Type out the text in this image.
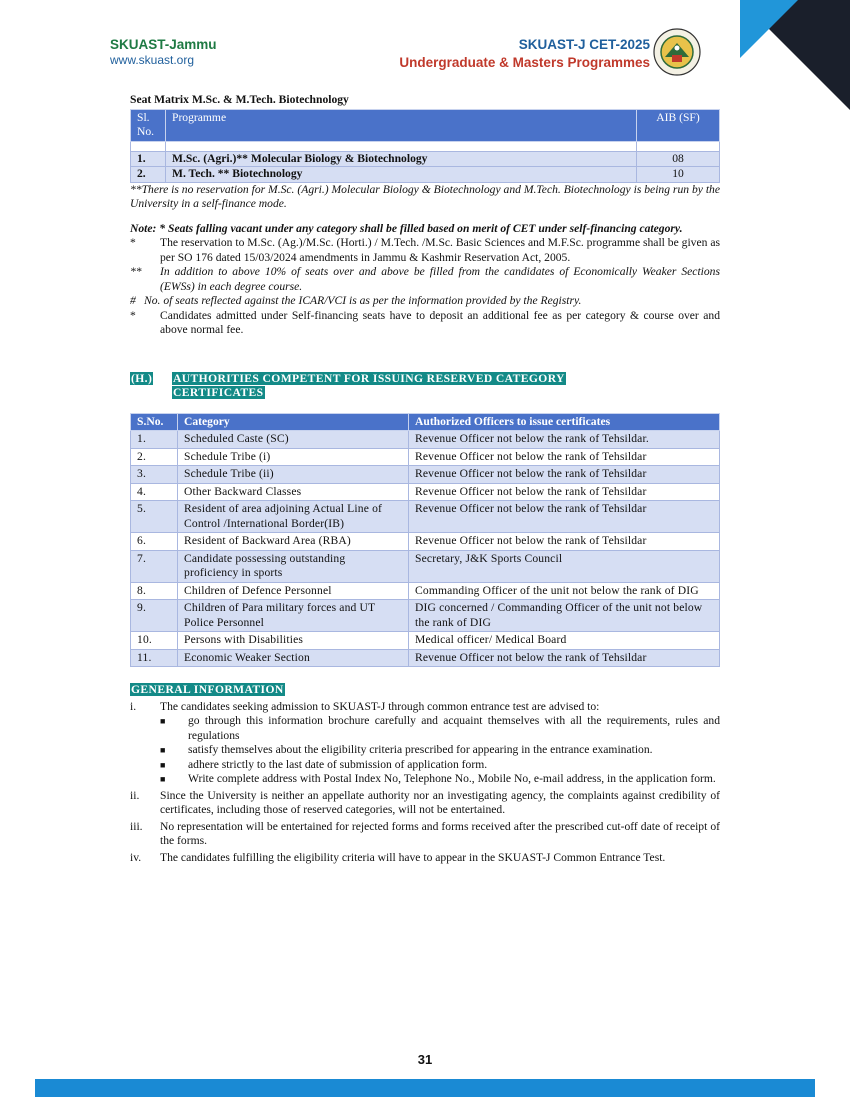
SKUAST-Jammu
www.skuast.org
SKUAST-J CET-2025
Undergraduate & Masters Programmes
Seat Matrix M.Sc. & M.Tech. Biotechnology
Sl. No.	Programme	AIB (SF)

1.	M.Sc. (Agri.)** Molecular Biology & Biotechnology	08
2.	M. Tech. ** Biotechnology	10
**There is no reservation for M.Sc. (Agri.) Molecular Biology & Biotechnology and M.Tech. Biotechnology is being run by the University in a self-finance mode.
Note: * Seats falling vacant under any category shall be filled based on merit of CET under self-financing category.
*	The reservation to M.Sc. (Ag.)/M.Sc. (Horti.) / M.Tech. /M.Sc. Basic Sciences and M.F.Sc. programme shall be given as per SO 176 dated 15/03/2024 amendments in Jammu & Kashmir Reservation Act, 2005.
**	In addition to above 10% of seats over and above be filled from the candidates of Economically Weaker Sections (EWSs) in each degree course.
# No. of seats reflected against the ICAR/VCI is as per the information provided by the Registry.
*	Candidates admitted under Self-financing seats have to deposit an additional fee as per category & course over and above normal fee.
(H.)	AUTHORITIES COMPETENT FOR ISSUING RESERVED CATEGORY CERTIFICATES
S.No.	Category	Authorized Officers to issue certificates
1.	Scheduled Caste (SC)	Revenue Officer not below the rank of Tehsildar.
2.	Schedule Tribe (i)	Revenue Officer not below the rank of Tehsildar
3.	Schedule Tribe (ii)	Revenue Officer not below the rank of Tehsildar
4.	Other Backward Classes	Revenue Officer not below the rank of Tehsildar
5.	Resident of area adjoining Actual Line of Control /International Border(IB)	Revenue Officer not below the rank of Tehsildar
6.	Resident of Backward Area (RBA)	Revenue Officer not below the rank of Tehsildar
7.	Candidate possessing outstanding proficiency in sports	Secretary, J&K Sports Council
8.	Children of Defence Personnel	Commanding Officer of the unit not below the rank of DIG
9.	Children of Para military forces and UT Police Personnel	DIG concerned / Commanding Officer of the unit not below the rank of DIG
10.	Persons with Disabilities	Medical officer/ Medical Board
11.	Economic Weaker Section	Revenue Officer not below the rank of Tehsildar
GENERAL INFORMATION
i.	The candidates seeking admission to SKUAST-J through common entrance test are advised to:
■	go through this information brochure carefully and acquaint themselves with all the requirements, rules and regulations
■	satisfy themselves about the eligibility criteria prescribed for appearing in the entrance examination.
■	adhere strictly to the last date of submission of application form.
■	Write complete address with Postal Index No, Telephone No., Mobile No, e-mail address, in the application form.
ii.	Since the University is neither an appellate authority nor an investigating agency, the complaints against credibility of certificates, including those of reserved categories, will not be entertained.
iii.	No representation will be entertained for rejected forms and forms received after the prescribed cut-off date of receipt of the forms.
iv.	The candidates fulfilling the eligibility criteria will have to appear in the SKUAST-J Common Entrance Test.
31
